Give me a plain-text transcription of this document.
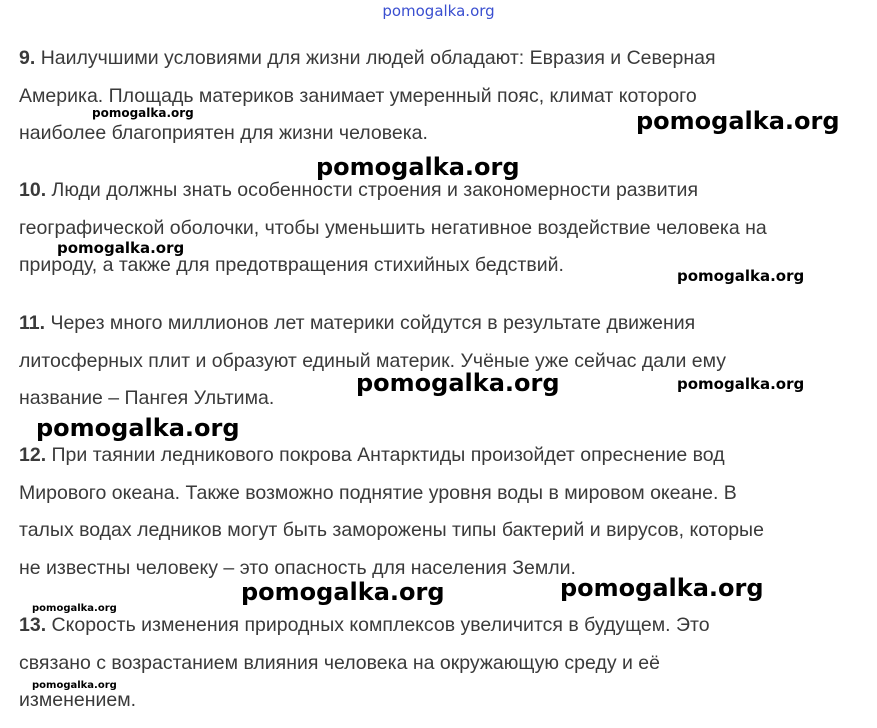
pomogalka.org

9. Наилучшими условиями для жизни людей обладают: Евразия и Северная
Америка. Площадь материков занимает умеренный пояс, климат которого
наиболее благоприятен для жизни человека.

10. Люди должны знать особенности строения и закономерности развития
географической оболочки, чтобы уменьшить негативное воздействие человека на
природу, а также для предотвращения стихийных бедствий.

11. Через много миллионов лет материки сойдутся в результате движения
литосферных плит и образуют единый материк. Учёные уже сейчас дали ему
название – Пангея Ультима.

12. При таянии ледникового покрова Антарктиды произойдет опреснение вод
Мирового океана. Также возможно поднятие уровня воды в мировом океане. В
талых водах ледников могут быть заморожены типы бактерий и вирусов, которые
не известны человеку – это опасность для населения Земли.

13. Скорость изменения природных комплексов увеличится в будущем. Это
связано с возрастанием влияния человека на окружающую среду и её
изменением.

pomogalka.org	pomogalka.org
pomogalka.org
pomogalka.org
pomogalka.org
pomogalka.org	pomogalka.org
pomogalka.org
pomogalka.org
pomogalka.org
pomogalka.org
pomogalka.org
